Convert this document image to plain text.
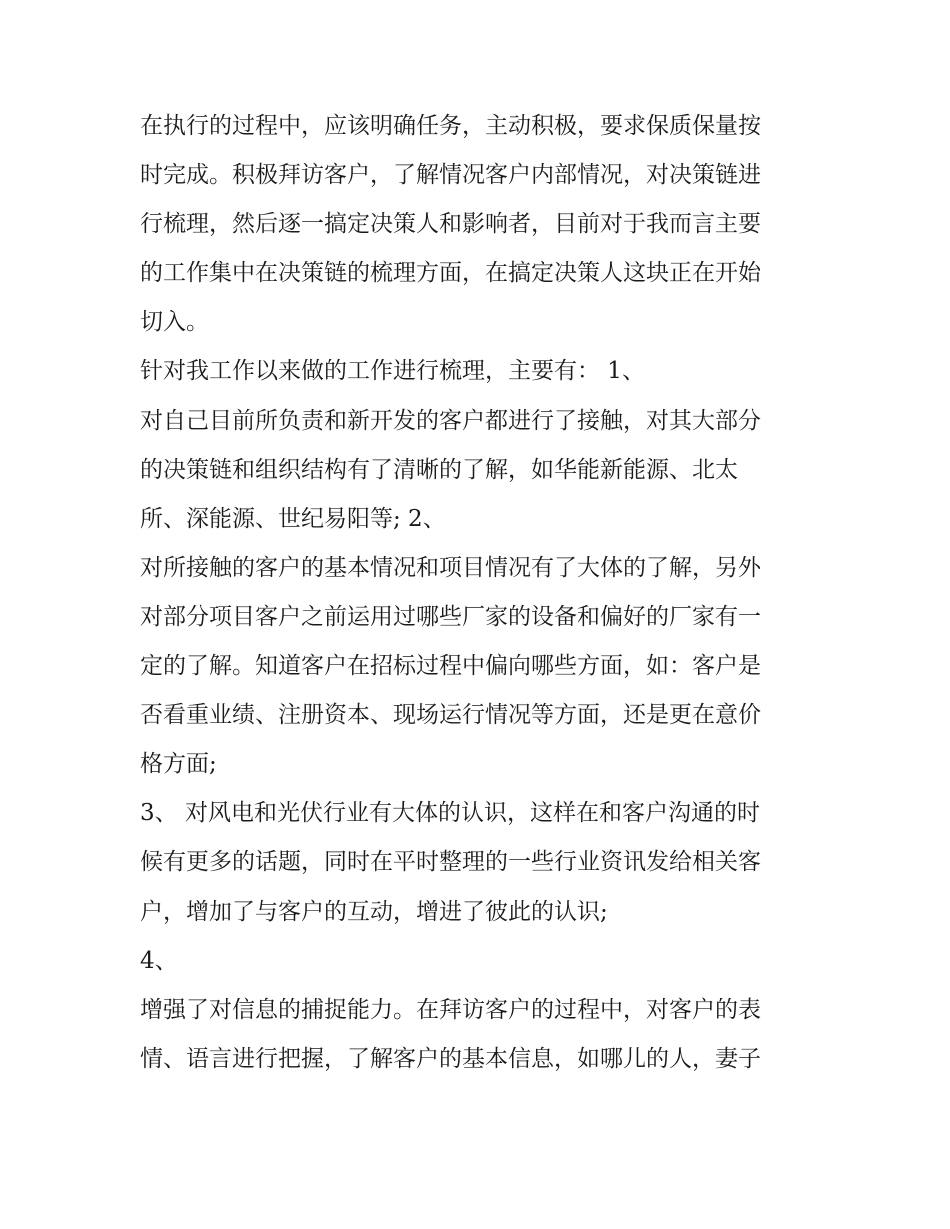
在执行的过程中，应该明确任务，主动积极，要求保质保量按
时完成。积极拜访客户，了解情况客户内部情况，对决策链进
行梳理，然后逐一搞定决策人和影响者，目前对于我而言主要
的工作集中在决策链的梳理方面，在搞定决策人这块正在开始
切入。
针对我工作以来做的工作进行梳理，主要有： 1、
对自己目前所负责和新开发的客户都进行了接触，对其大部分
的决策链和组织结构有了清晰的了解，如华能新能源、北太
所、深能源、世纪易阳等; 2、
对所接触的客户的基本情况和项目情况有了大体的了解，另外
对部分项目客户之前运用过哪些厂家的设备和偏好的厂家有一
定的了解。知道客户在招标过程中偏向哪些方面，如：客户是
否看重业绩、注册资本、现场运行情况等方面，还是更在意价
格方面;
3、 对风电和光伏行业有大体的认识，这样在和客户沟通的时
候有更多的话题，同时在平时整理的一些行业资讯发给相关客
户，增加了与客户的互动，增进了彼此的认识;
4、
增强了对信息的捕捉能力。在拜访客户的过程中，对客户的表
情、语言进行把握，了解客户的基本信息，如哪儿的人，妻子
